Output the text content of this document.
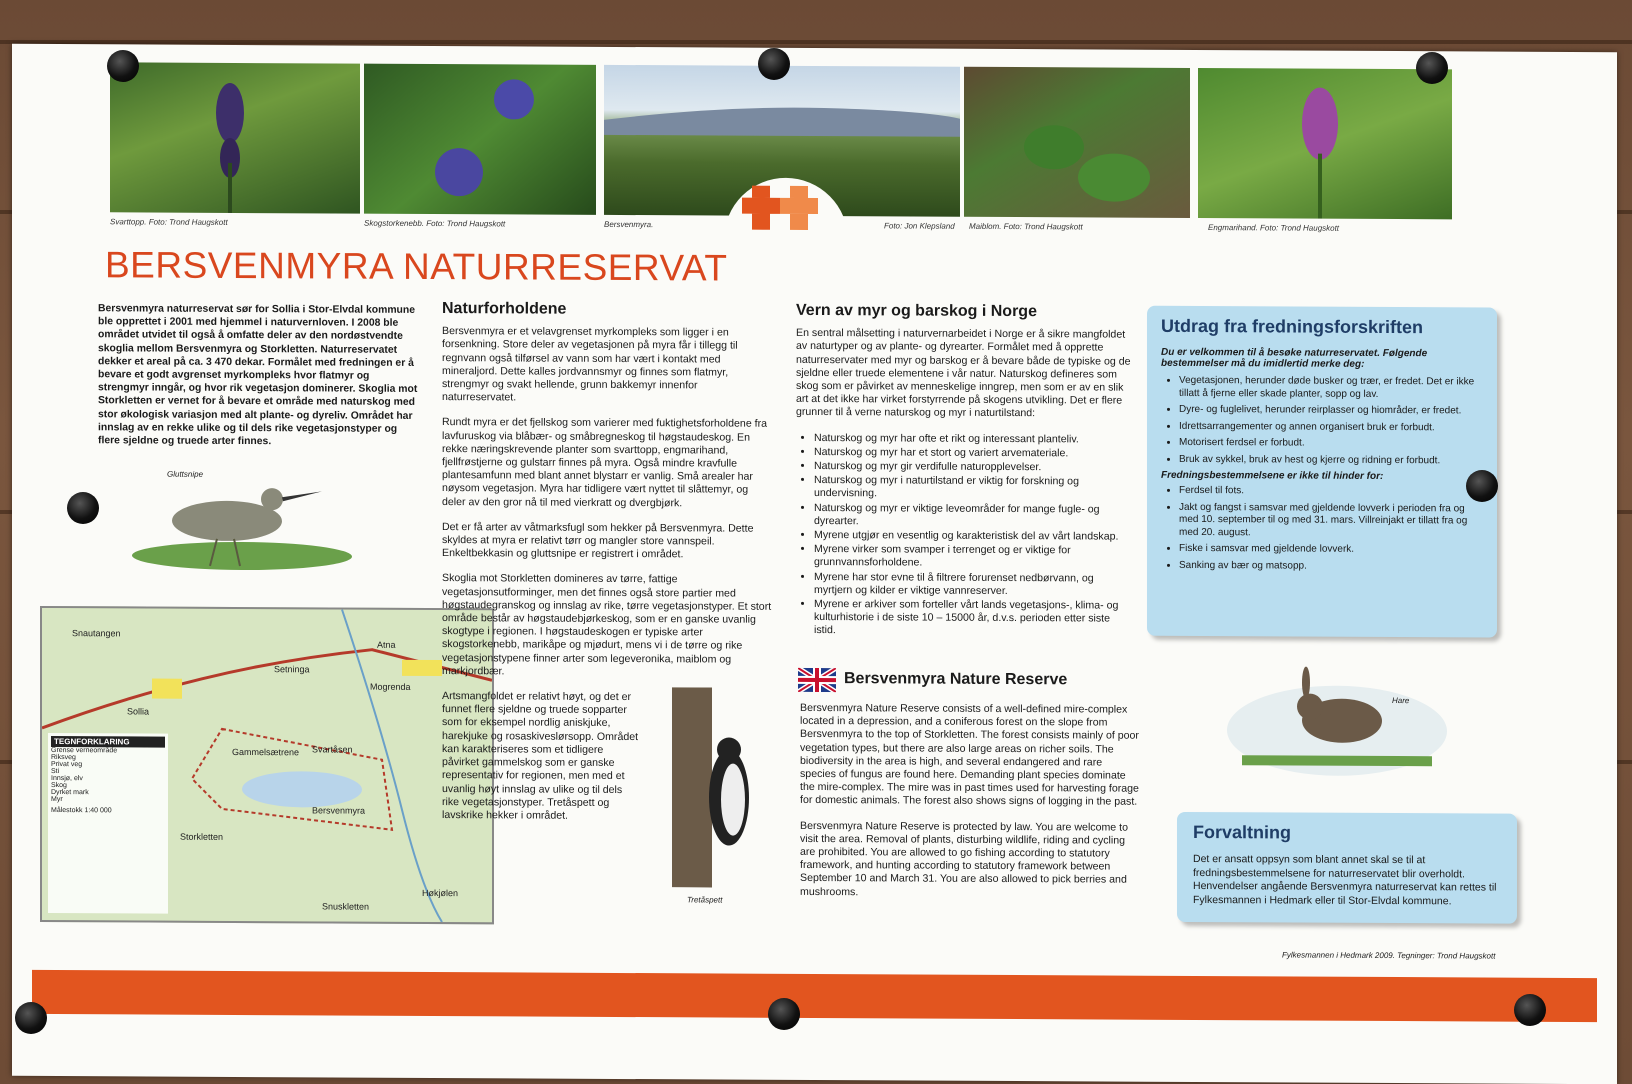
Svarttopp. Foto: Trond Haugskott	Skogstorkenebb. Foto: Trond Haugskott	Bersvenmyra.	Foto: Jon Klepsland Maiblom. Foto: Trond Haugskott	Engmarihand. Foto: Trond Haugskott
BERSVENMYRA NATURRESERVAT
Bersvenmyra naturreservat sør for Sollia i Stor-Elvdal kommune ble opprettet i 2001 med hjemmel i naturvernloven. I 2008 ble området utvidet til også å omfatte deler av den nordøstvendte skoglia mellom Bersvenmyra og Storkletten. Naturreservatet dekker et areal på ca. 3 470 dekar. Formålet med fredningen er å bevare et godt avgrenset myrkompleks hvor flatmyr og strengmyr inngår, og hvor rik vegetasjon dominerer. Skoglia mot Storkletten er vernet for å bevare et område med naturskog med stor økologisk variasjon med alt plante- og dyreliv. Området har innslag av en rekke ulike og til dels rike vegetasjonstyper og flere sjeldne og truede arter finnes.
Gluttsnipe
TEGNFORKLARING
Grense verneområde
Riksveg
Privat veg
Sti
Innsjø, elv
Skog
Dyrket mark
Myr
Målestokk 1:40 000
Snautangen
Sollia
Setninga
Mogrenda
Atna
Svartåsen
Gammelsætrene
Bersvenmyra
Storkletten
Snuskletten
Høkjølen
Naturforholdene

Bersvenmyra er et velavgrenset myrkompleks som ligger i en forsenkning. Store deler av vegetasjonen på myra får i tillegg til regnvann også tilførsel av vann som har vært i kontakt med mineraljord. Dette kalles jordvannsmyr og finnes som flatmyr, strengmyr og svakt hellende, grunn bakkemyr innenfor naturreservatet.

Rundt myra er det fjellskog som varierer med fuktighetsforholdene fra lavfuruskog via blåbær- og småbregneskog til høgstaudeskog. En rekke næringskrevende planter som svarttopp, engmarihand, fjellfrøstjerne og gulstarr finnes på myra. Også mindre kravfulle plantesamfunn med blant annet blystarr er vanlig. Små arealer har nøysom vegetasjon. Myra har tidligere vært nyttet til slåttemyr, og deler av den gror nå til med vierkratt og dvergbjørk.

Det er få arter av våtmarksfugl som hekker på Bersvenmyra. Dette skyldes at myra er relativt tørr og mangler store vannspeil. Enkeltbekkasin og gluttsnipe er registrert i området.

Skoglia mot Storkletten domineres av tørre, fattige vegetasjonsutforminger, men det finnes også store partier med høgstaudegranskog og innslag av rike, tørre vegetasjonstyper. Et stort område består av høgstaudebjørkeskog, som er en ganske uvanlig skogtype i regionen. I høgstaudeskogen er typiske arter skogstorkenebb, marikåpe og mjødurt, mens vi i de tørre og rike vegetasjonstypene finner arter som legeveronika, maiblom og markjordbær.

Artsmangfoldet er relativt høyt, og det er funnet flere sjeldne og truede sopparter som for eksempel nordlig aniskjuke, harekjuke og rosaskiveslørsopp. Området kan karakteriseres som et tidligere påvirket gammelskog som er ganske representativ for regionen, men med et uvanlig høyt innslag av ulike og til dels rike vegetasjonstyper. Tretåspett og lavskrike hekker i området.

Tretåspett
Vern av myr og barskog i Norge

En sentral målsetting i naturvernarbeidet i Norge er å sikre mangfoldet av naturtyper og av plante- og dyrearter. Formålet med å opprette naturreservater med myr og barskog er å bevare både de typiske og de sjeldne eller truede elementene i vår natur. Naturskog defineres som skog som er påvirket av menneskelige inngrep, men som er av en slik art at det ikke har virket forstyrrende på skogens utvikling. Det er flere grunner til å verne naturskog og myr i naturtilstand:

• Naturskog og myr har ofte et rikt og interessant planteliv.
• Naturskog og myr har et stort og variert arvemateriale.
• Naturskog og myr gir verdifulle naturopplevelser.
• Naturskog og myr i naturtilstand er viktig for forskning og undervisning.
• Naturskog og myr er viktige leveområder for mange fugle- og dyrearter.
• Myrene utgjør en vesentlig og karakteristisk del av vårt landskap.
• Myrene virker som svamper i terrenget og er viktige for grunnvannsforholdene.
• Myrene har stor evne til å filtrere forurenset nedbørvann, og myrtjern og kilder er viktige vannreserver.
• Myrene er arkiver som forteller vårt lands vegetasjons-, klima- og kulturhistorie i de siste 10 – 15000 år, d.v.s. perioden etter siste istid.
Bersvenmyra Nature Reserve

Bersvenmyra Nature Reserve consists of a well-defined mire-complex located in a depression, and a coniferous forest on the slope from Bersvenmyra to the top of Storkletten. The forest consists mainly of poor vegetation types, but there are also large areas on richer soils. The biodiversity in the area is high, and several endangered and rare species of fungus are found here. Demanding plant species dominate the mire-complex. The mire was in past times used for harvesting forage for domestic animals. The forest also shows signs of logging in the past.

Bersvenmyra Nature Reserve is protected by law. You are welcome to visit the area. Removal of plants, disturbing wildlife, riding and cycling are prohibited. You are allowed to go fishing according to statutory framework, and hunting according to statutory framework between September 10 and March 31. You are also allowed to pick berries and mushrooms.

Utdrag fra fredningsforskriften

Du er velkommen til å besøke naturreservatet. Følgende bestemmelser må du imidlertid merke deg:

• Vegetasjonen, herunder døde busker og trær, er fredet. Det er ikke tillatt å fjerne eller skade planter, sopp og lav.
• Dyre- og fuglelivet, herunder reirplasser og hiområder, er fredet.
• Idrettsarrangementer og annen organisert bruk er forbudt.
• Motorisert ferdsel er forbudt.
• Bruk av sykkel, bruk av hest og kjerre og ridning er forbudt.

Fredningsbestemmelsene er ikke til hinder for:

• Ferdsel til fots.
• Jakt og fangst i samsvar med gjeldende lovverk i perioden fra og med 10. september til og med 31. mars. Villreinjakt er tillatt fra og med 20. august.
• Fiske i samsvar med gjeldende lovverk.
• Sanking av bær og matsopp.
Hare
Forvaltning

Det er ansatt oppsyn som blant annet skal se til at fredningsbestemmelsene for naturreservatet blir overholdt. Henvendelser angående Bersvenmyra naturreservat kan rettes til Fylkesmannen i Hedmark eller til Stor-Elvdal kommune.

Fylkesmannen i Hedmark 2009. Tegninger: Trond Haugskott
